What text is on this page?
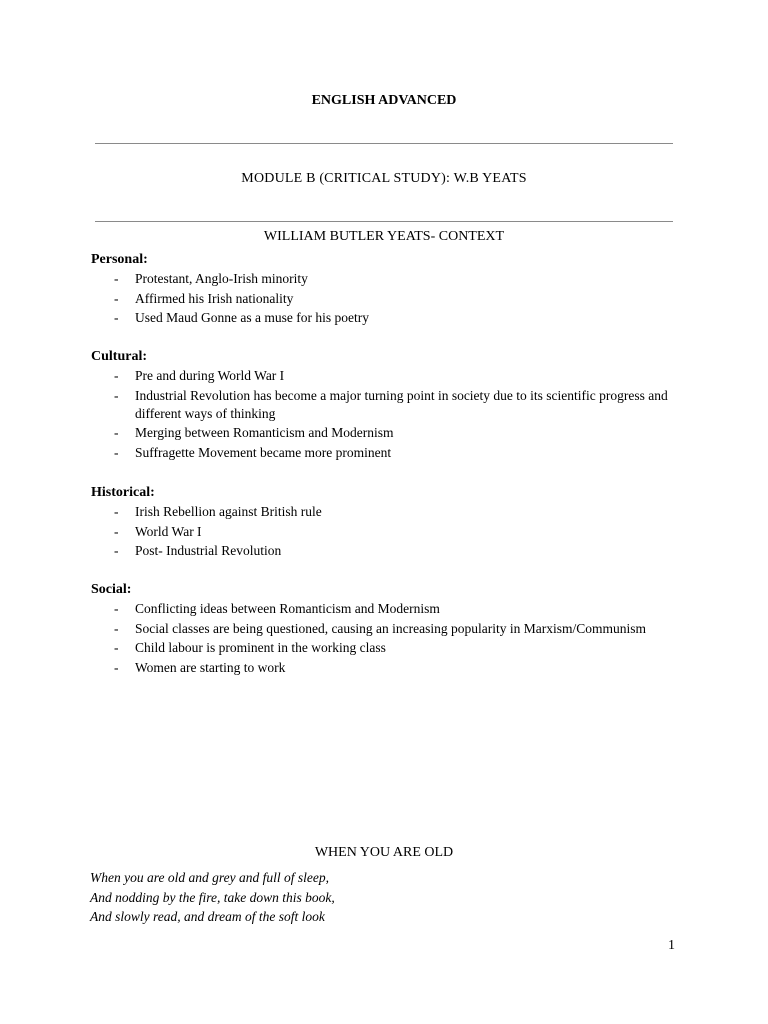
ENGLISH ADVANCED
MODULE B (CRITICAL STUDY): W.B YEATS
WILLIAM BUTLER YEATS- CONTEXT
Personal:
- Protestant, Anglo-Irish minority
- Affirmed his Irish nationality
- Used Maud Gonne as a muse for his poetry
Cultural:
- Pre and during World War I
- Industrial Revolution has become a major turning point in society due to its scientific progress and different ways of thinking
- Merging between Romanticism and Modernism
- Suffragette Movement became more prominent
Historical:
- Irish Rebellion against British rule
- World War I
- Post- Industrial Revolution
Social:
- Conflicting ideas between Romanticism and Modernism
- Social classes are being questioned, causing an increasing popularity in Marxism/Communism
- Child labour is prominent in the working class
- Women are starting to work
WHEN YOU ARE OLD
When you are old and grey and full of sleep,
And nodding by the fire, take down this book,
And slowly read, and dream of the soft look
1
